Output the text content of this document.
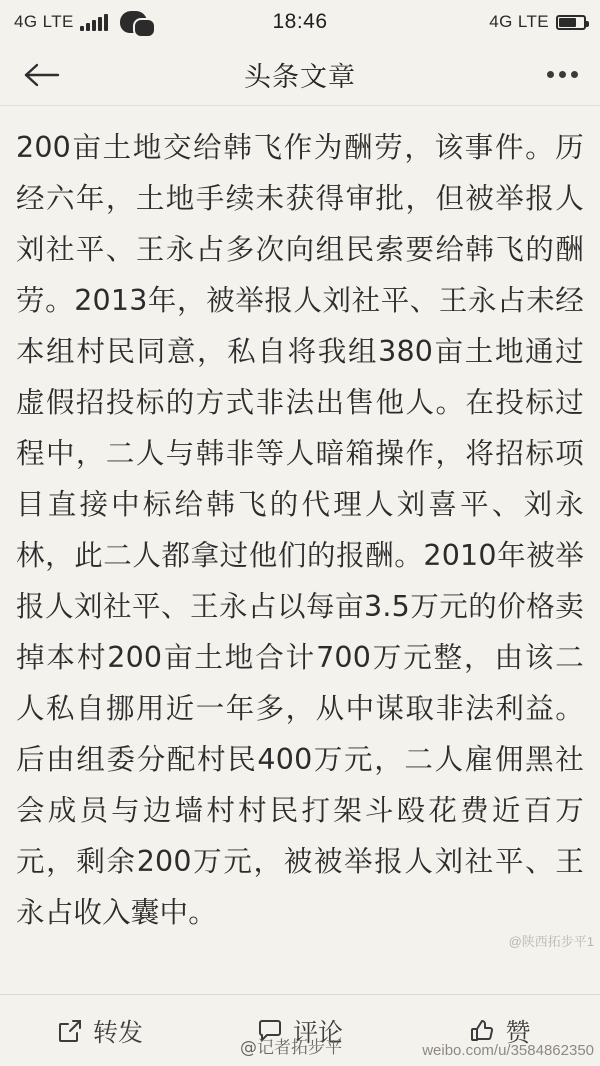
4G LTE	18:46	4G LTE
头条文章
200亩土地交给韩飞作为酬劳，该事件。历经六年，土地手续未获得审批，但被举报人刘社平、王永占多次向组民索要给韩飞的酬劳。2013年，被举报人刘社平、王永占未经本组村民同意，私自将我组380亩土地通过虚假招投标的方式非法出售他人。在投标过程中，二人与韩非等人暗箱操作，将招标项目直接中标给韩飞的代理人刘喜平、刘永林，此二人都拿过他们的报酬。2010年被举报人刘社平、王永占以每亩3.5万元的价格卖掉本村200亩土地合计700万元整，由该二人私自挪用近一年多，从中谋取非法利益。后由组委分配村民400万元，二人雇佣黑社会成员与边墙村村民打架斗殴花费近百万元，剩余200万元，被被举报人刘社平、王永占收入囊中。
@陕西拓步平1
转发	评论	赞
@记者拓步平	weibo.com/u/3584862350
